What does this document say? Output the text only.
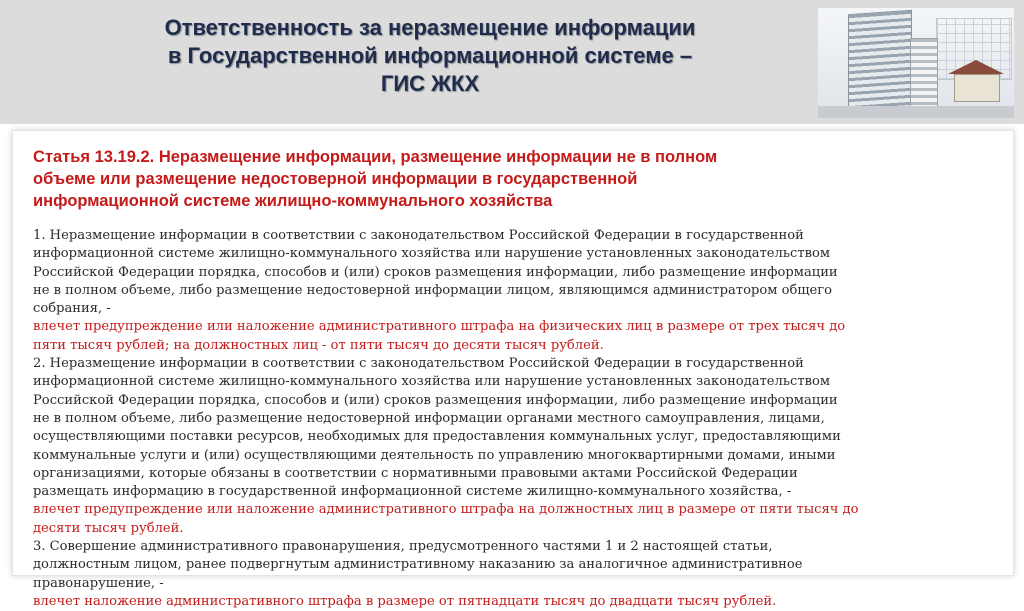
Ответственность за неразмещение информации
в Государственной информационной системе –
ГИС ЖКХ
Статья 13.19.2. Неразмещение информации, размещение информации не в полном
объеме или размещение недостоверной информации в государственной
информационной системе жилищно-коммунального хозяйства
1. Неразмещение информации в соответствии с законодательством Российской Федерации в государственной
информационной системе жилищно-коммунального хозяйства или нарушение установленных законодательством
Российской Федерации порядка, способов и (или) сроков размещения информации, либо размещение информации
не в полном объеме, либо размещение недостоверной информации лицом, являющимся администратором общего
собрания, -
влечет предупреждение или наложение административного штрафа на физических лиц в размере от трех тысяч до
пяти тысяч рублей; на должностных лиц - от пяти тысяч до десяти тысяч рублей.
2. Неразмещение информации в соответствии с законодательством Российской Федерации в государственной
информационной системе жилищно-коммунального хозяйства или нарушение установленных законодательством
Российской Федерации порядка, способов и (или) сроков размещения информации, либо размещение информации
не в полном объеме, либо размещение недостоверной информации органами местного самоуправления, лицами,
осуществляющими поставки ресурсов, необходимых для предоставления коммунальных услуг, предоставляющими
коммунальные услуги и (или) осуществляющими деятельность по управлению многоквартирными домами, иными
организациями, которые обязаны в соответствии с нормативными правовыми актами Российской Федерации
размещать информацию в государственной информационной системе жилищно-коммунального хозяйства, -
влечет предупреждение или наложение административного штрафа на должностных лиц в размере от пяти тысяч до
десяти тысяч рублей.
3. Совершение административного правонарушения, предусмотренного частями 1 и 2 настоящей статьи,
должностным лицом, ранее подвергнутым административному наказанию за аналогичное административное
правонарушение, -
влечет наложение административного штрафа в размере от пятнадцати тысяч до двадцати тысяч рублей.
